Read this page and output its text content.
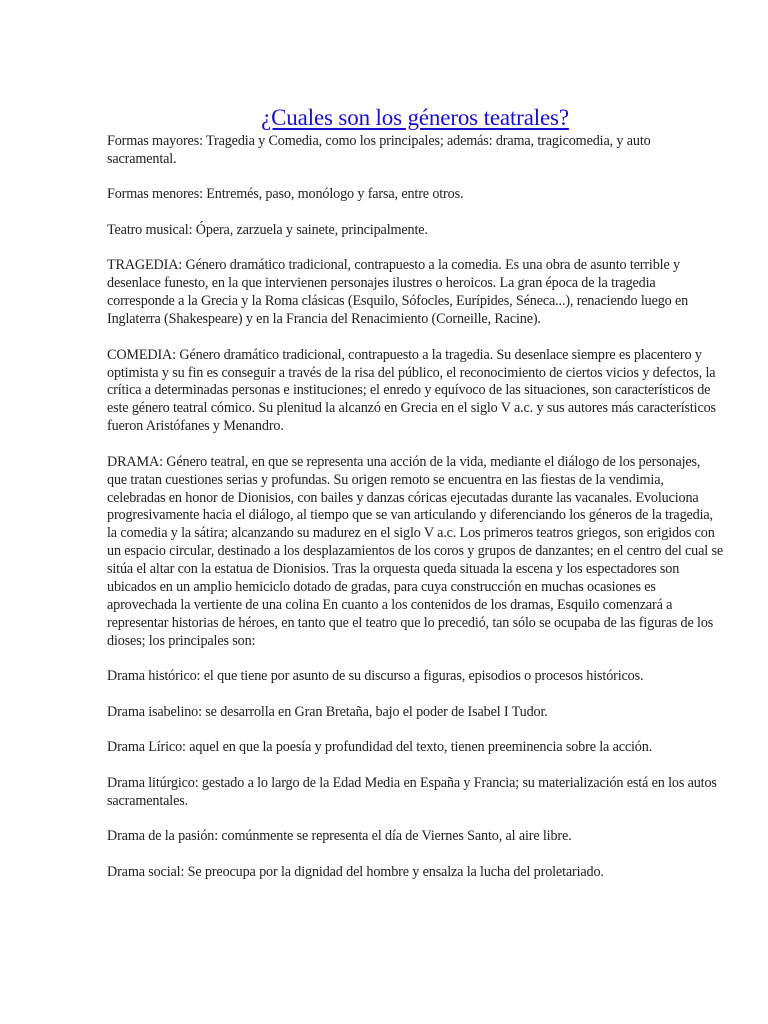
¿Cuales son los géneros teatrales?

Formas mayores: Tragedia y Comedia, como los principales; además: drama, tragicomedia, y auto sacramental.

Formas menores: Entremés, paso, monólogo y farsa, entre otros.

Teatro musical: Ópera, zarzuela y sainete, principalmente.

TRAGEDIA: Género dramático tradicional, contrapuesto a la comedia. Es una obra de asunto terrible y desenlace funesto, en la que intervienen personajes ilustres o heroicos. La gran época de la tragedia corresponde a la Grecia y la Roma clásicas (Esquilo, Sófocles, Eurípides, Séneca...), renaciendo luego en Inglaterra (Shakespeare) y en la Francia del Renacimiento (Corneille, Racine).

COMEDIA: Género dramático tradicional, contrapuesto a la tragedia. Su desenlace siempre es placentero y optimista y su fin es conseguir a través de la risa del público, el reconocimiento de ciertos vicios y defectos, la crítica a determinadas personas e instituciones; el enredo y equívoco de las situaciones, son característicos de este género teatral cómico. Su plenitud la alcanzó en Grecia en el siglo V a.c. y sus autores más característicos fueron Aristófanes y Menandro.

DRAMA: Género teatral, en que se representa una acción de la vida, mediante el diálogo de los personajes, que tratan cuestiones serias y profundas. Su origen remoto se encuentra en las fiestas de la vendimia, celebradas en honor de Dionisios, con bailes y danzas córicas ejecutadas durante las vacanales. Evoluciona progresivamente hacia el diálogo, al tiempo que se van articulando y diferenciando los géneros de la tragedia, la comedia y la sátira; alcanzando su madurez en el siglo V a.c. Los primeros teatros griegos, son erigidos con un espacio circular, destinado a los desplazamientos de los coros y grupos de danzantes; en el centro del cual se sitúa el altar con la estatua de Dionisios. Tras la orquesta queda situada la escena y los espectadores son ubicados en un amplio hemiciclo dotado de gradas, para cuya construcción en muchas ocasiones es aprovechada la vertiente de una colina En cuanto a los contenidos de los dramas, Esquilo comenzará a representar historias de héroes, en tanto que el teatro que lo precedió, tan sólo se ocupaba de las figuras de los dioses; los principales son:

Drama histórico: el que tiene por asunto de su discurso a figuras, episodios o procesos históricos.

Drama isabelino: se desarrolla en Gran Bretaña, bajo el poder de Isabel I Tudor.

Drama Lírico: aquel en que la poesía y profundidad del texto, tienen preeminencia sobre la acción.

Drama litúrgico: gestado a lo largo de la Edad Media en España y Francia; su materialización está en los autos sacramentales.

Drama de la pasión: comúnmente se representa el día de Viernes Santo, al aire libre.

Drama social: Se preocupa por la dignidad del hombre y ensalza la lucha del proletariado.
